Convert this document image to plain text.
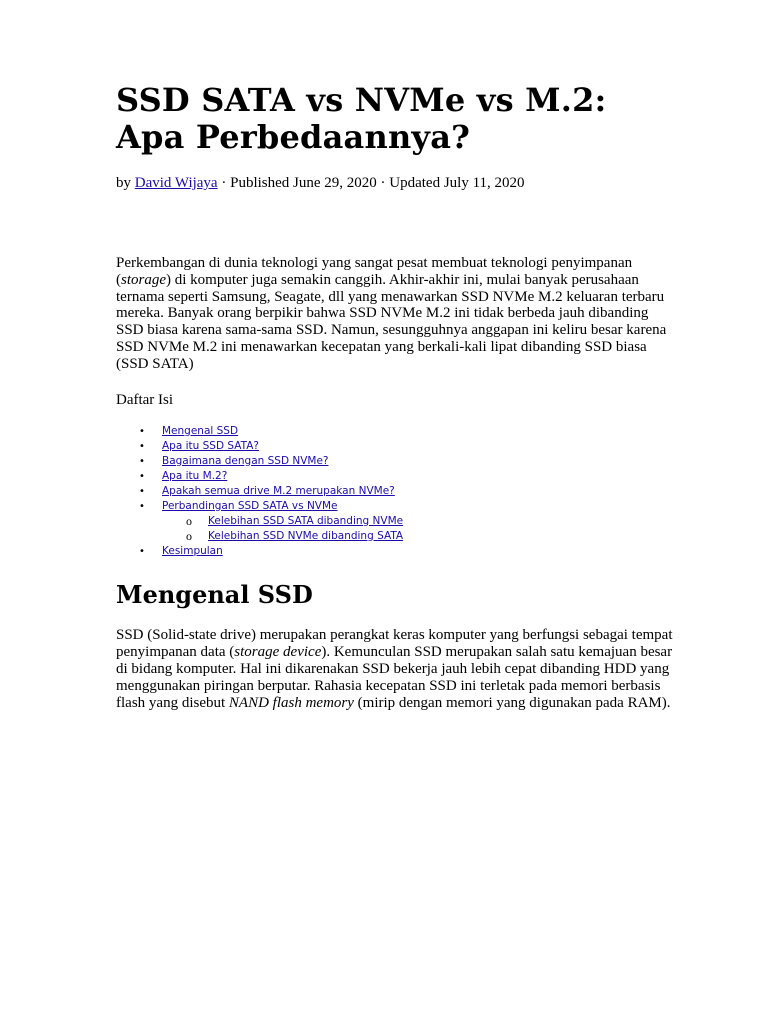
SSD SATA vs NVMe vs M.2:
Apa Perbedaannya?
by David Wijaya · Published June 29, 2020 · Updated July 11, 2020

Perkembangan di dunia teknologi yang sangat pesat membuat teknologi penyimpanan (storage) di komputer juga semakin canggih. Akhir-akhir ini, mulai banyak perusahaan ternama seperti Samsung, Seagate, dll yang menawarkan SSD NVMe M.2 keluaran terbaru mereka. Banyak orang berpikir bahwa SSD NVMe M.2 ini tidak berbeda jauh dibanding SSD biasa karena sama-sama SSD. Namun, sesungguhnya anggapan ini keliru besar karena SSD NVMe M.2 ini menawarkan kecepatan yang berkali-kali lipat dibanding SSD biasa (SSD SATA)

Daftar Isi
• Mengenal SSD
• Apa itu SSD SATA?
• Bagaimana dengan SSD NVMe?
• Apa itu M.2?
• Apakah semua drive M.2 merupakan NVMe?
• Perbandingan SSD SATA vs NVMe
o Kelebihan SSD SATA dibanding NVMe
o Kelebihan SSD NVMe dibanding SATA
• Kesimpulan
Mengenal SSD

SSD (Solid-state drive) merupakan perangkat keras komputer yang berfungsi sebagai tempat penyimpanan data (storage device). Kemunculan SSD merupakan salah satu kemajuan besar di bidang komputer. Hal ini dikarenakan SSD bekerja jauh lebih cepat dibanding HDD yang menggunakan piringan berputar. Rahasia kecepatan SSD ini terletak pada memori berbasis flash yang disebut NAND flash memory (mirip dengan memori yang digunakan pada RAM).
